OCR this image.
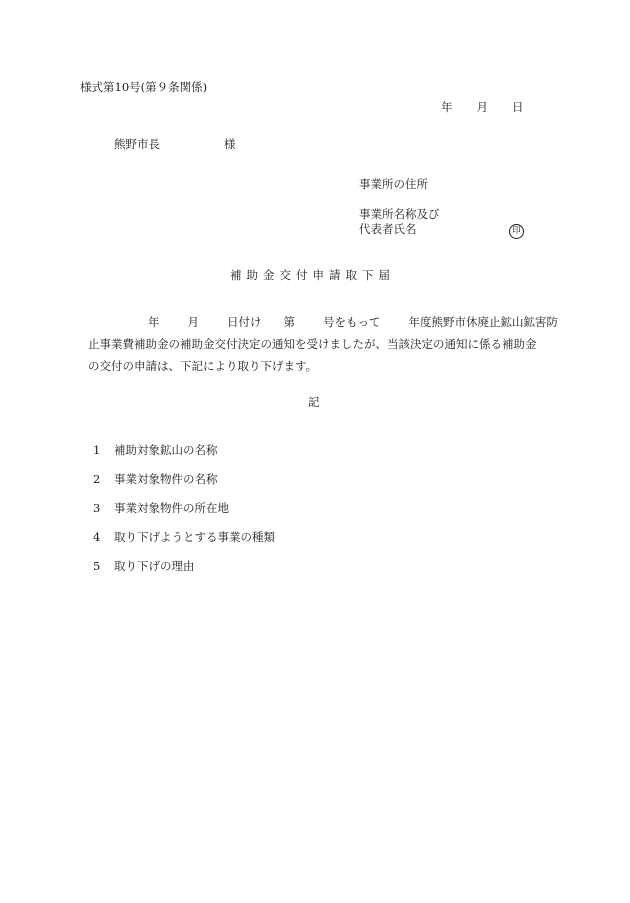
様式第10号(第９条関係)
年 月 日
熊野市長	様
事業所の住所
事業所名称及び
代表者氏名	印
補助金交付申請取下届
年 月 日付け 第 号をもって 年度熊野市休廃止鉱山鉱害防
止事業費補助金の補助金交付決定の通知を受けましたが、当該決定の通知に係る補助金
の交付の申請は、下記により取り下げます。
記
1 補助対象鉱山の名称
2 事業対象物件の名称
3 事業対象物件の所在地
4 取り下げようとする事業の種類
5 取り下げの理由
